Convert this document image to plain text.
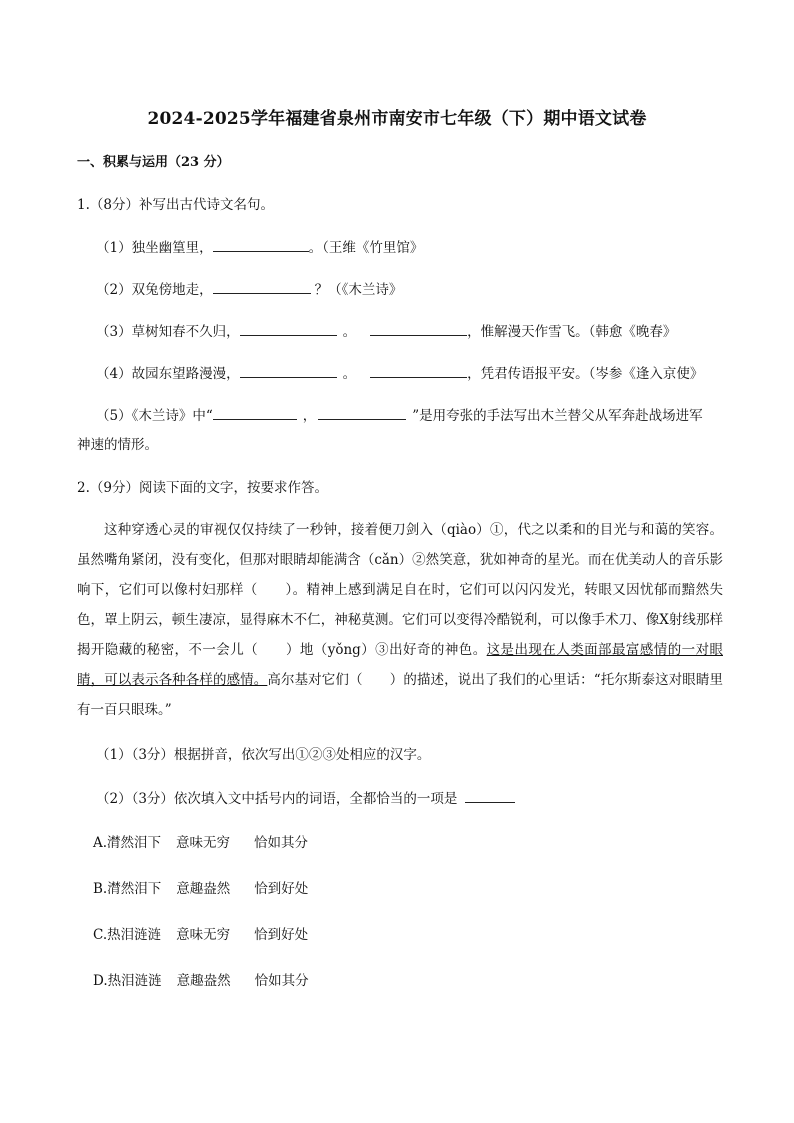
2024-2025学年福建省泉州市南安市七年级（下）期中语文试卷
一、积累与运用（23 分）
1.（8分）补写出古代诗文名句。
（1）独坐幽篁里，	。（王维《竹里馆》
（2）双兔傍地走，	？（《木兰诗》
（3）草树知春不久归，	。	，惟解漫天作雪飞。（韩愈《晚春》
（4）故园东望路漫漫，	。	，凭君传语报平安。（岑参《逢入京使》
（5）《木兰诗》中“	，	”是用夸张的手法写出木兰替父从军奔赴战场进军
神速的情形。
2.（9分）阅读下面的文字，按要求作答。
这种穿透心灵的审视仅仅持续了一秒钟，接着便刀剑入（qiào）①，代之以柔和的目光与和蔼的笑容。虽然嘴角紧闭，没有变化，但那对眼睛却能满含（cǎn）②然笑意，犹如神奇的星光。而在优美动人的音乐影响下，它们可以像村妇那样（　　）。精神上感到满足自在时，它们可以闪闪发光，转眼又因忧郁而黯然失色，罩上阴云，顿生凄凉，显得麻木不仁，神秘莫测。它们可以变得冷酷锐利，可以像手术刀、像X射线那样揭开隐藏的秘密，不一会儿（　　）地（yǒng）③出好奇的神色。这是出现在人类面部最富感情的一对眼睛，可以表示各种各样的感情。高尔基对它们（　　）的描述，说出了我们的心里话：“托尔斯泰这对眼睛里有一百只眼珠。”
（1）（3分）根据拼音，依次写出①②③处相应的汉字。
（2）（3分）依次填入文中括号内的词语，全都恰当的一项是
A.潸然泪下 意味无穷 恰如其分
B.潸然泪下 意趣盎然 恰到好处
C.热泪涟涟 意味无穷 恰到好处
D.热泪涟涟 意趣盎然 恰如其分
